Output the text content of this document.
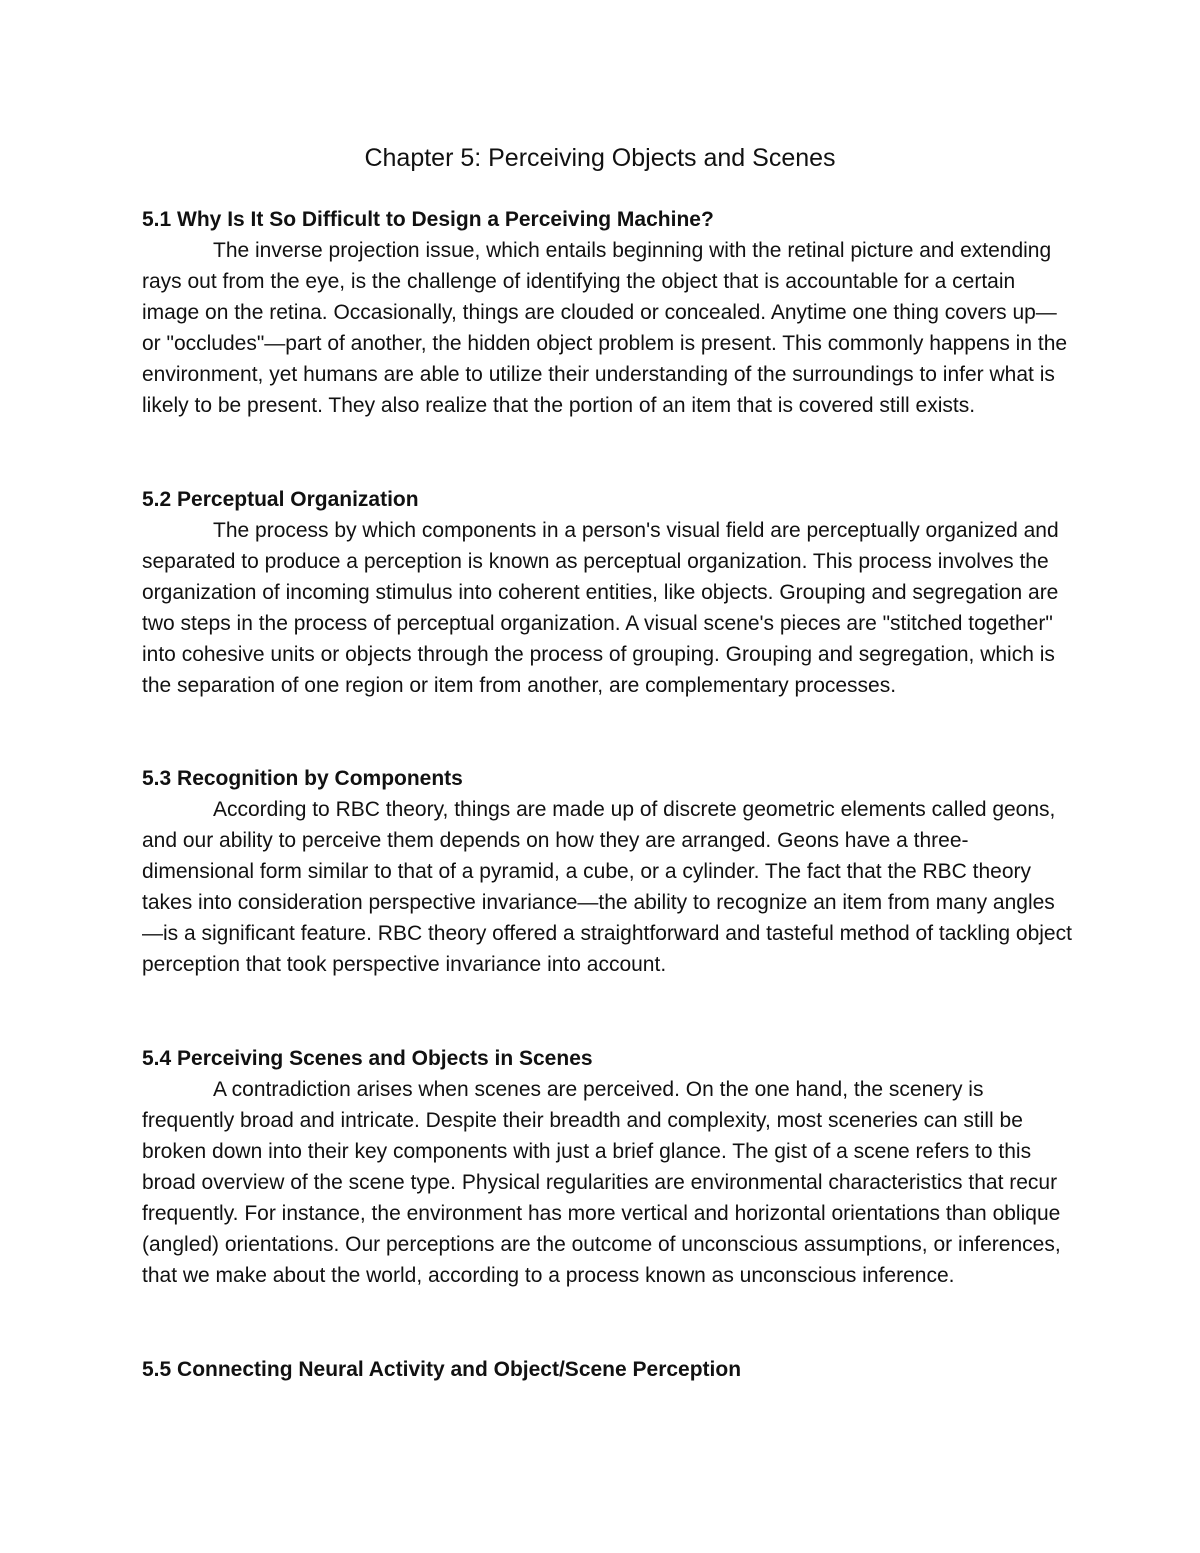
Chapter 5: Perceiving Objects and Scenes
5.1 Why Is It So Difficult to Design a Perceiving Machine?

The inverse projection issue, which entails beginning with the retinal picture and extending rays out from the eye, is the challenge of identifying the object that is accountable for a certain image on the retina. Occasionally, things are clouded or concealed. Anytime one thing covers up—or "occludes"—part of another, the hidden object problem is present. This commonly happens in the environment, yet humans are able to utilize their understanding of the surroundings to infer what is likely to be present. They also realize that the portion of an item that is covered still exists.

5.2 Perceptual Organization

The process by which components in a person's visual field are perceptually organized and separated to produce a perception is known as perceptual organization. This process involves the organization of incoming stimulus into coherent entities, like objects. Grouping and segregation are two steps in the process of perceptual organization. A visual scene's pieces are "stitched together" into cohesive units or objects through the process of grouping. Grouping and segregation, which is the separation of one region or item from another, are complementary processes.

5.3 Recognition by Components

According to RBC theory, things are made up of discrete geometric elements called geons, and our ability to perceive them depends on how they are arranged. Geons have a three-dimensional form similar to that of a pyramid, a cube, or a cylinder. The fact that the RBC theory takes into consideration perspective invariance—the ability to recognize an item from many angles—is a significant feature. RBC theory offered a straightforward and tasteful method of tackling object perception that took perspective invariance into account.

5.4 Perceiving Scenes and Objects in Scenes

A contradiction arises when scenes are perceived. On the one hand, the scenery is frequently broad and intricate. Despite their breadth and complexity, most sceneries can still be broken down into their key components with just a brief glance. The gist of a scene refers to this broad overview of the scene type. Physical regularities are environmental characteristics that recur frequently. For instance, the environment has more vertical and horizontal orientations than oblique (angled) orientations. Our perceptions are the outcome of unconscious assumptions, or inferences, that we make about the world, according to a process known as unconscious inference.

5.5 Connecting Neural Activity and Object/Scene Perception
